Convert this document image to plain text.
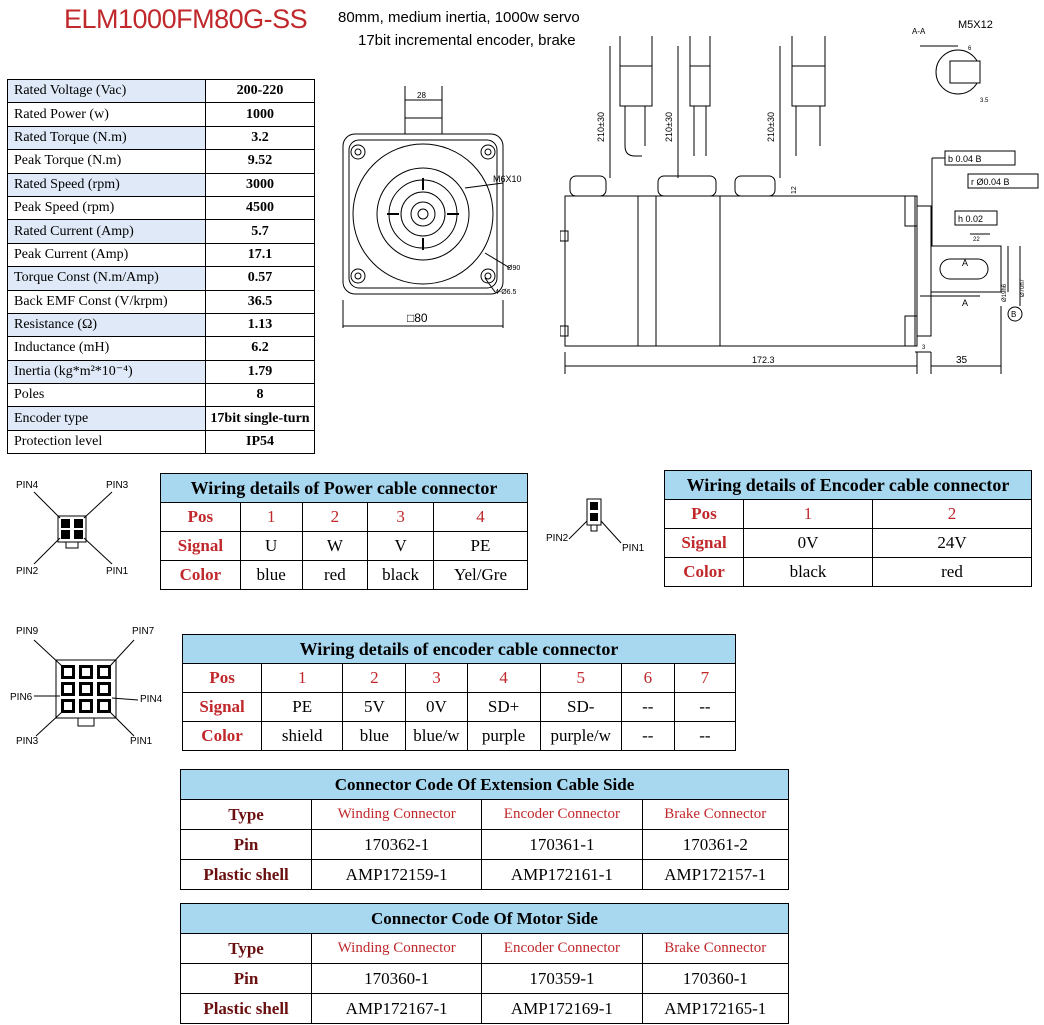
ELM1000FM80G-SS 80mm, medium inertia, 1000w servo
17bit incremental encoder, brake
Rated Voltage (Vac)	200-220
Rated Power (w)	1000
Rated Torque (N.m)	3.2
Peak Torque (N.m)	9.52
Rated Speed (rpm)	3000
Peak Speed (rpm)	4500
Rated Current (Amp)	5.7
Peak Current (Amp)	17.1
Torque Const (N.m/Amp)	0.57
Back EMF Const (V/krpm)	36.5
Resistance (Ω)	1.13
Inductance (mH)	6.2
Inertia (kg*m²*10⁻⁴)	1.79
Poles	8
Encoder type	17bit single-turn
Protection level	IP54
28
M6X10
Ø90
4-Ø6.5
□80
210±30	210±30	210±30
12
b 0.04 B
r Ø0.04 B
h 0.02
22
A
A
Ø19h6 Ø70h7
B
172.3	35
3
A-A
M5X12
6
3.5
PIN4	PIN3
PIN2	PIN1
Wiring details of Power cable connector				
Pos	1	2	3	4
Signal	U	W	V	PE
Color	blue	red	black	Yel/Gre
PIN2
PIN1
Wiring details of Encoder cable connector		
Pos	1	2
Signal	0V	24V
Color	black	red
PIN9	PIN7
PIN6	PIN4
PIN3	PIN1
Wiring details of encoder cable connector							
Pos	1	2	3	4	5	6	7
Signal	PE	5V	0V	SD+	SD-	--	--
Color	shield	blue	blue/w	purple	purple/w	--	--
Connector Code Of Extension Cable Side			
Type	Winding Connector	Encoder Connector	Brake Connector
Pin	170362-1	170361-1	170361-2
Plastic shell	AMP172159-1	AMP172161-1	AMP172157-1
Connector Code Of Motor Side			
Type	Winding Connector	Encoder Connector	Brake Connector
Pin	170360-1	170359-1	170360-1
Plastic shell	AMP172167-1	AMP172169-1	AMP172165-1
